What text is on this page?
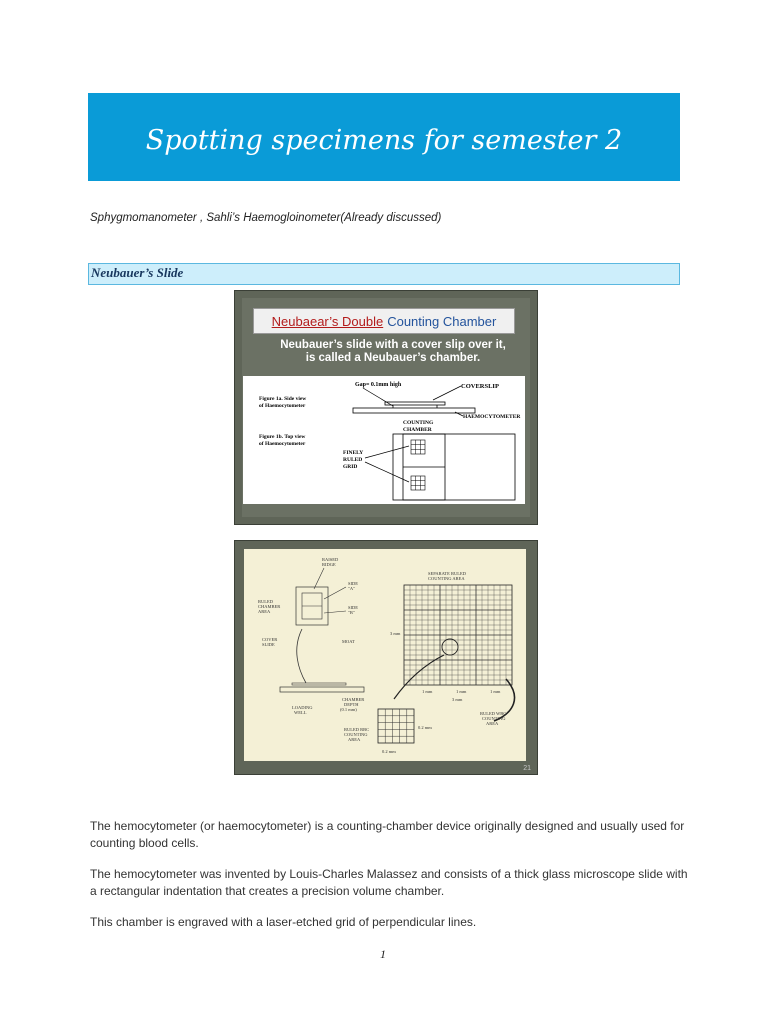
Spotting specimens for semester 2
Sphygmomanometer , Sahli’s Haemogloinometer(Already discussed)
Neubauer’s Slide
Neubaear’s Double Counting Chamber
Neubauer’s slide with a cover slip over it,
is called a Neubauer’s chamber.
Figure 1a. Side view
of Haemocytometer
Figure 1b. Top view
of Haemocytometer
Gap= 0.1mm high	COVERSLIP
COUNTING
CHAMBER
HAEMOCYTOMETER
FINELY
RULED
GRID
RAISED
RIDGE
SIDE
"A"
SIDE
"B"
RULED
CHAMBER
AREA
COVER
SLIDE
MOAT
LOADING
WELL
CHAMBER
DEPTH
(0.1 mm)
SEPARATE RULED
COUNTING AREA
3 mm
1 mm	1 mm	1 mm
3 mm
0.2 mm
0.2 mm
RULED RBC
COUNTING
AREA
RULED WBC
COUNTING
AREA
21

The hemocytometer (or haemocytometer) is a counting-chamber device originally designed and usually used for counting blood cells.

The hemocytometer was invented by Louis-Charles Malassez and consists of a thick glass microscope slide with a rectangular indentation that creates a precision volume chamber.

This chamber is engraved with a laser-etched grid of perpendicular lines.

1
